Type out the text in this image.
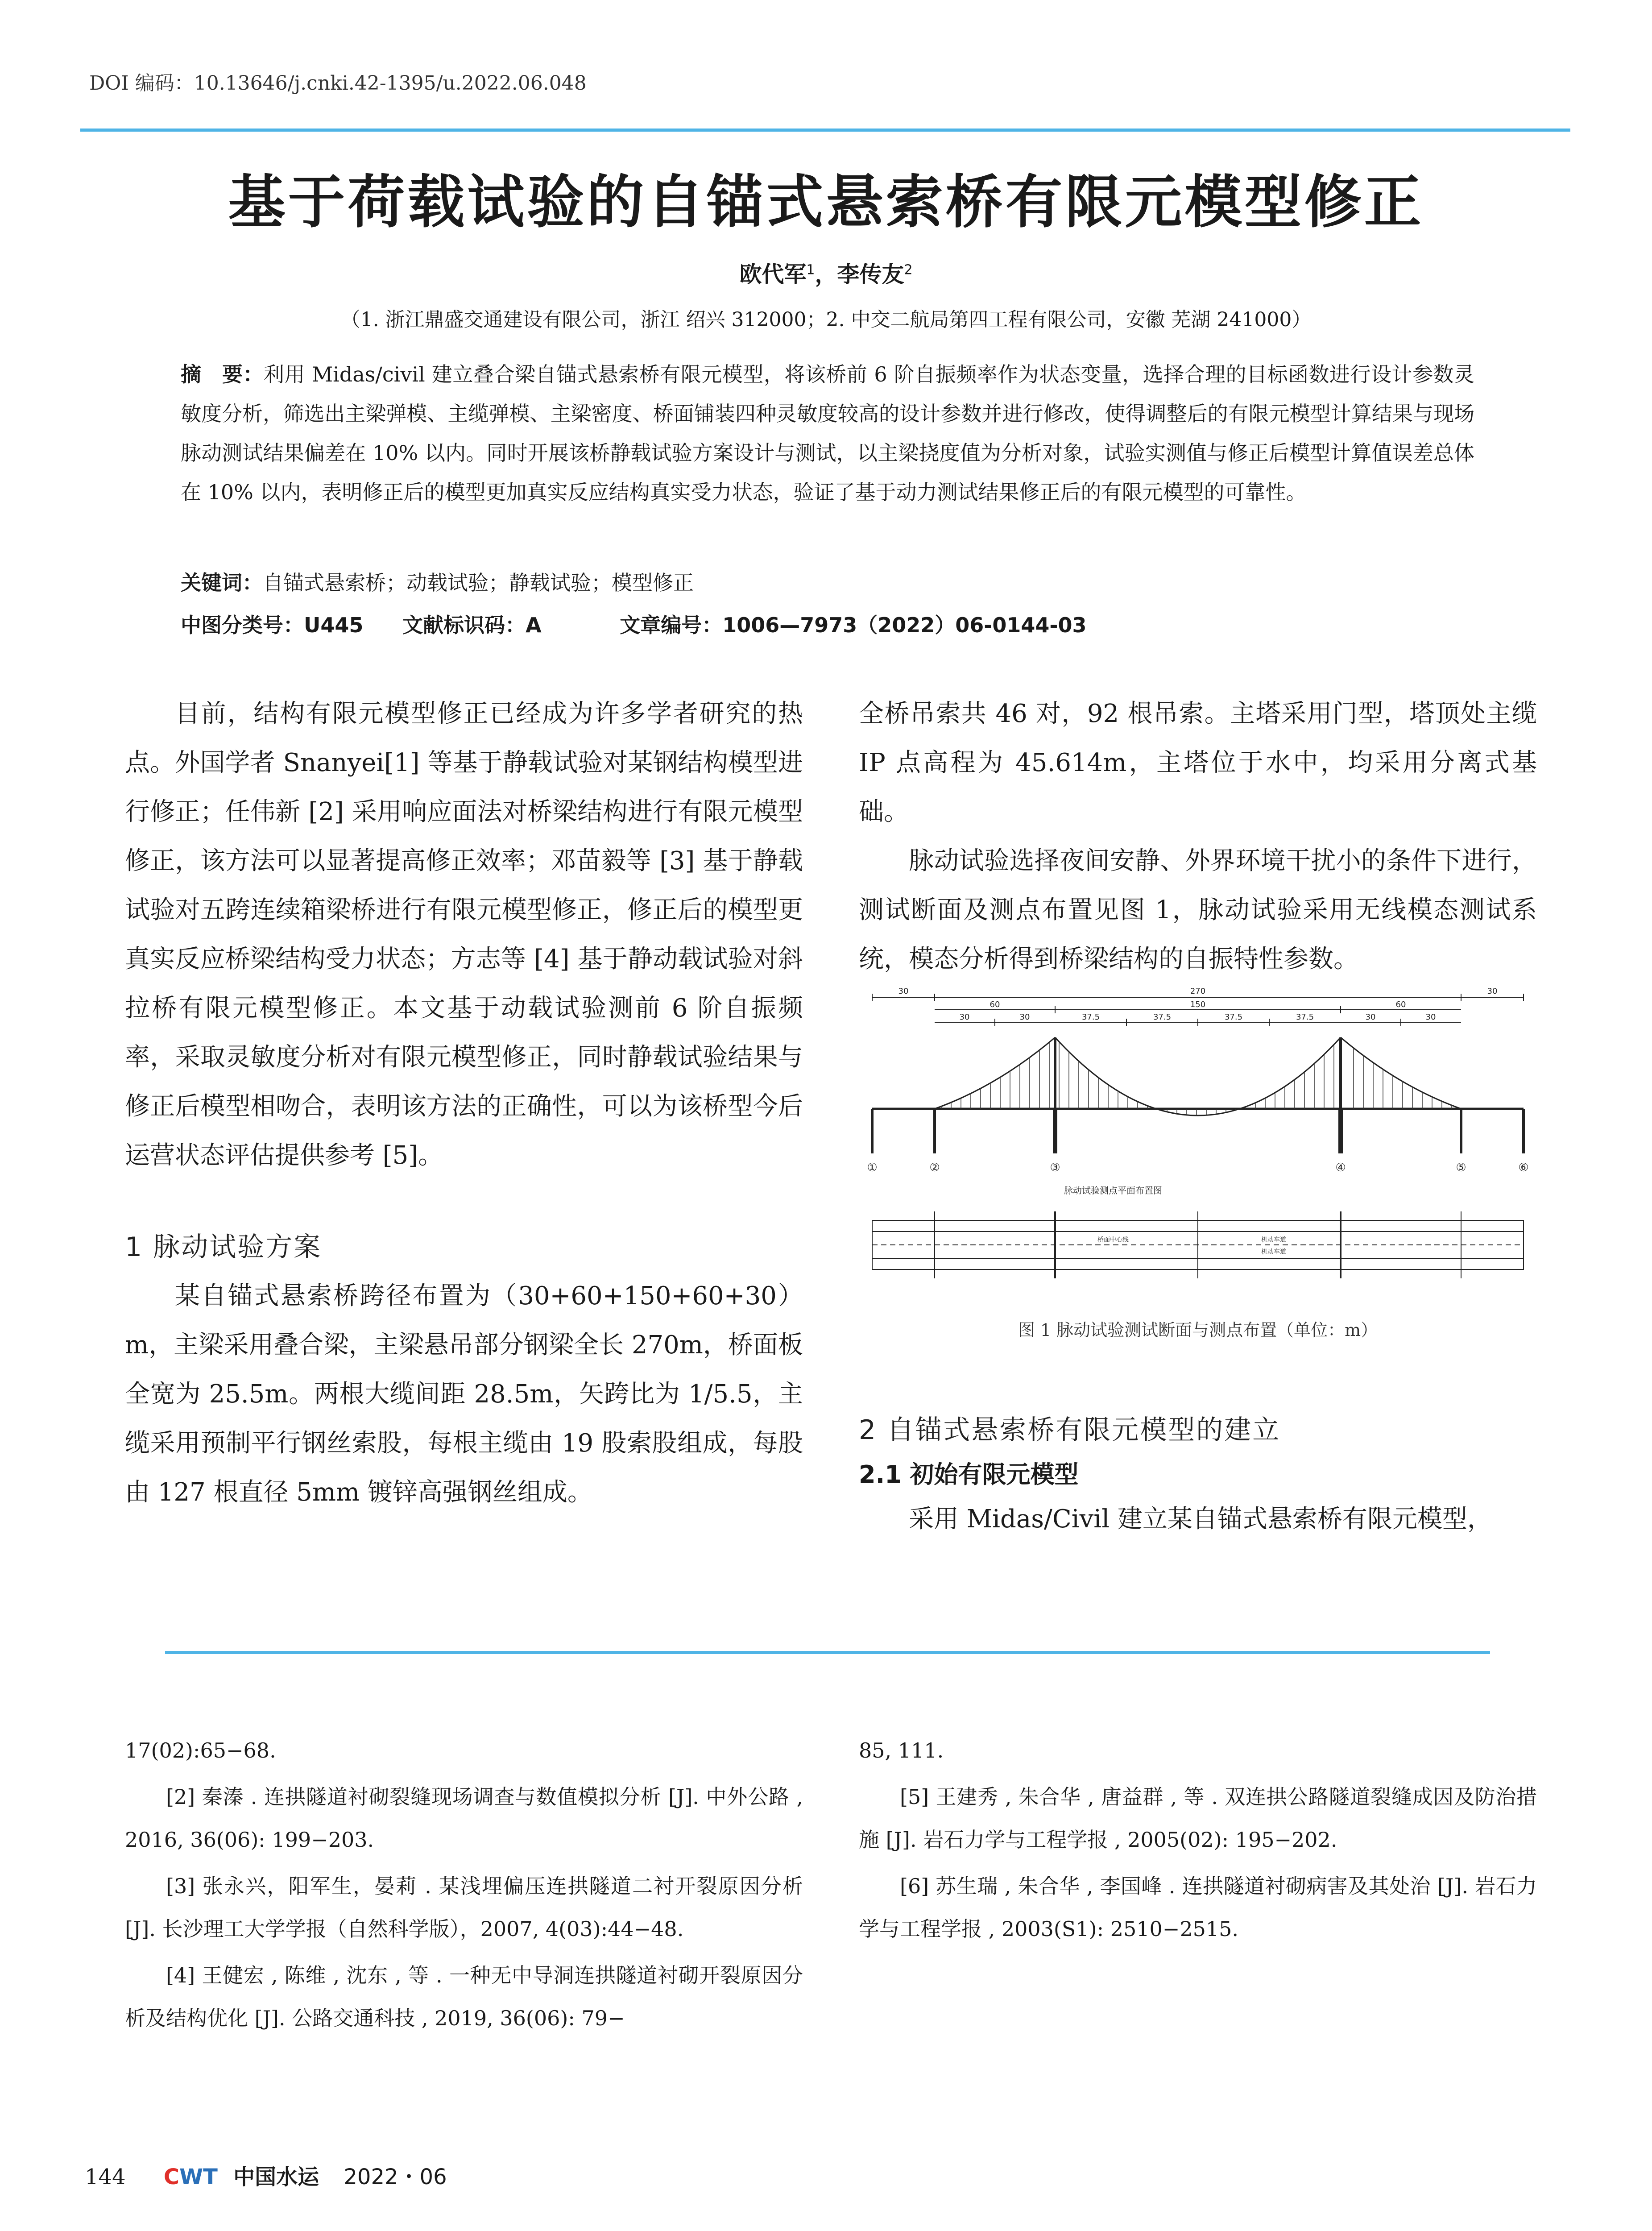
DOI 编码：10.13646/j.cnki.42-1395/u.2022.06.048
基于荷载试验的自锚式悬索桥有限元模型修正
欧代军$^1$，李传友$^2$
（1. 浙江鼎盛交通建设有限公司，浙江 绍兴 312000；2. 中交二航局第四工程有限公司，安徽 芜湖 241000）
摘　要：利用 Midas/civil 建立叠合梁自锚式悬索桥有限元模型，将该桥前 6 阶自振频率作为状态变量，选择合理的目标函数进行设计参数灵敏度分析，筛选出主梁弹模、主缆弹模、主梁密度、桥面铺装四种灵敏度较高的设计参数并进行修改，使得调整后的有限元模型计算结果与现场脉动测试结果偏差在 10% 以内。同时开展该桥静载试验方案设计与测试，以主梁挠度值为分析对象，试验实测值与修正后模型计算值误差总体在 10% 以内，表明修正后的模型更加真实反应结构真实受力状态，验证了基于动力测试结果修正后的有限元模型的可靠性。
关键词：自锚式悬索桥；动载试验；静载试验；模型修正
中图分类号：U445 文献标识码：A	文章编号：1006—7973（2022）06-0144-03

目前，结构有限元模型修正已经成为许多学者研究的热点。外国学者 Snanyei[1] 等基于静载试验对某钢结构模型进行修正；任伟新 [2] 采用响应面法对桥梁结构进行有限元模型修正，该方法可以显著提高修正效率；邓苗毅等 [3] 基于静载试验对五跨连续箱梁桥进行有限元模型修正，修正后的模型更真实反应桥梁结构受力状态；方志等 [4] 基于静动载试验对斜拉桥有限元模型修正。本文基于动载试验测前 6 阶自振频率，采取灵敏度分析对有限元模型修正，同时静载试验结果与修正后模型相吻合，表明该方法的正确性，可以为该桥型今后运营状态评估提供参考 [5]。

1 脉动试验方案

某自锚式悬索桥跨径布置为（30+60+150+60+30）m，主梁采用叠合梁，主梁悬吊部分钢梁全长 270m，桥面板全宽为 25.5m。两根大缆间距 28.5m，矢跨比为 1/5.5，主缆采用预制平行钢丝索股，每根主缆由 19 股索股组成，每股由 127 根直径 5mm 镀锌高强钢丝组成。

全桥吊索共 46 对，92 根吊索。主塔采用门型，塔顶处主缆 IP 点高程为 45.614m，主塔位于水中，均采用分离式基础。

脉动试验选择夜间安静、外界环境干扰小的条件下进行，测试断面及测点布置见图 1，脉动试验采用无线模态测试系统，模态分析得到桥梁结构的自振特性参数。

270
30	30
60	150	60
30	30	37.5	37.5	37.5	37.5	30	30
①	②	③	④	⑤	⑥
脉动试验测点平面布置图
桥面中心线	机动车道
机动车道
图 1 脉动试验测试断面与测点布置（单位：m）
2 自锚式悬索桥有限元模型的建立
2.1 初始有限元模型

采用 Midas/Civil 建立某自锚式悬索桥有限元模型，

17(02):65−68.

[2] 秦溱 . 连拱隧道衬砌裂缝现场调查与数值模拟分析 [J]. 中外公路 , 2016, 36(06): 199−203.

[3] 张永兴，阳军生，晏莉 . 某浅埋偏压连拱隧道二衬开裂原因分析 [J]. 长沙理工大学学报（自然科学版），2007, 4(03):44−48.

[4] 王健宏 , 陈维 , 沈东 , 等 . 一种无中导洞连拱隧道衬砌开裂原因分析及结构优化 [J]. 公路交通科技 , 2019, 36(06): 79−

85, 111.

[5] 王建秀 , 朱合华 , 唐益群 , 等 . 双连拱公路隧道裂缝成因及防治措施 [J]. 岩石力学与工程学报 , 2005(02): 195−202.

[6] 苏生瑞 , 朱合华 , 李国峰 . 连拱隧道衬砌病害及其处治 [J]. 岩石力学与工程学报 , 2003(S1): 2510−2515.

144 CWT 中国水运 2022・06
